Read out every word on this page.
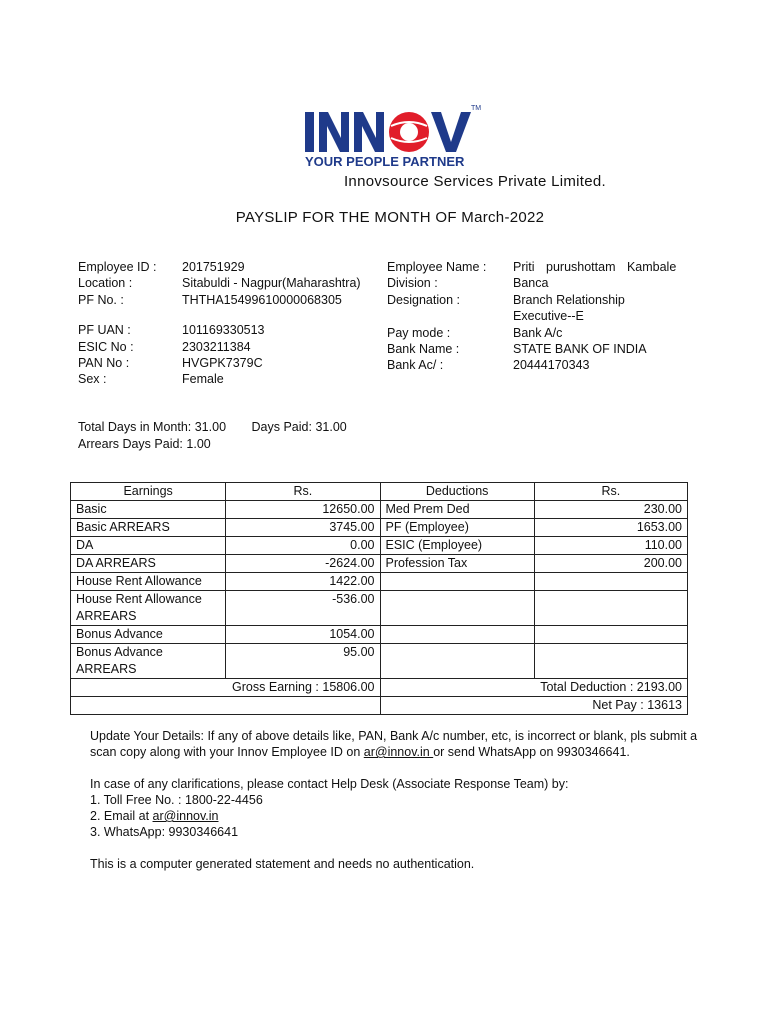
TM
YOUR PEOPLE PARTNER
Innovsource Services Private Limited.
PAYSLIP FOR THE MONTH OF March-2022
Employee ID :	201751929
Location :	Sitabuldi - Nagpur(Maharashtra)
PF No. :	THTHA15499610000068305
PF UAN :	101169330513
ESIC No :	2303211384
PAN No :	HVGPK7379C
Sex :	Female
Employee Name :	Priti purushottam Kambale
Division :	Banca
Designation :	Branch Relationship Executive--E
Pay mode :	Bank A/c
Bank Name :	STATE BANK OF INDIA
Bank Ac/ :	20444170343
Total Days in Month: 31.00 Days Paid: 31.00
Arrears Days Paid: 1.00
Earnings	Rs.	Deductions	Rs.
Basic	12650.00	Med Prem Ded	230.00
Basic ARREARS	3745.00	PF (Employee)	1653.00
DA	0.00	ESIC (Employee)	110.00
DA ARREARS	-2624.00	Profession Tax	200.00
House Rent Allowance	1422.00		
House Rent Allowance ARREARS	-536.00		
Bonus Advance	1054.00		
Bonus Advance ARREARS	95.00		
Gross Earning : 15806.00		Total Deduction : 2193.00	
		Net Pay : 13613	

Update Your Details: If any of above details like, PAN, Bank A/c number, etc, is incorrect or blank, pls submit a scan copy along with your Innov Employee ID on ar@innov.in or send WhatsApp on 9930346641.

In case of any clarifications, please contact Help Desk (Associate Response Team) by:
1. Toll Free No. : 1800-22-4456
2. Email at ar@innov.in
3. WhatsApp: 9930346641

This is a computer generated statement and needs no authentication.
